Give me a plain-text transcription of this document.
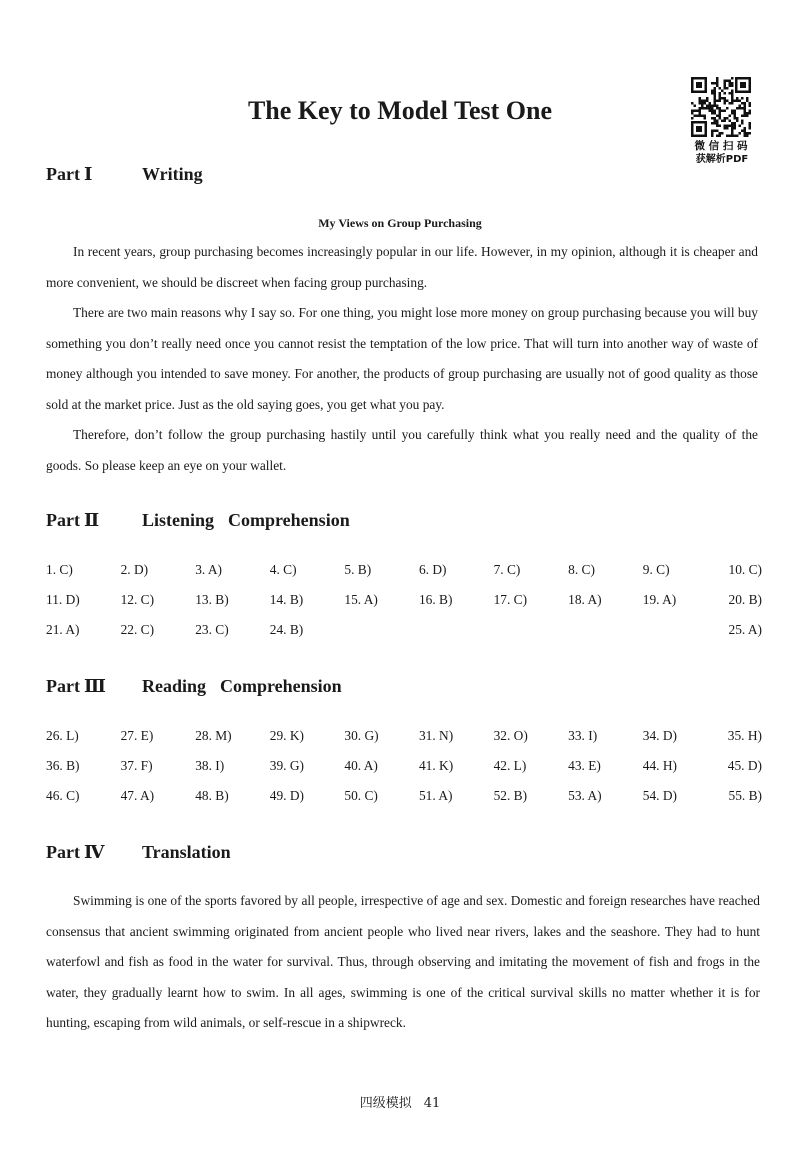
The Key to Model Test One
微 信 扫 码
获解析PDF
Part Ⅰ	Writing
My Views on Group Purchasing

In recent years, group purchasing becomes increasingly popular in our life. However, in my opinion, although it is cheaper and more convenient, we should be discreet when facing group purchasing.

There are two main reasons why I say so. For one thing, you might lose more money on group purchasing because you will buy something you don’t really need once you cannot resist the temptation of the low price. That will turn into another way of waste of money although you intended to save money. For another, the products of group purchasing are usually not of good quality as those sold at the market price. Just as the old saying goes, you get what you pay.

Therefore, don’t follow the group purchasing hastily until you carefully think what you really need and the quality of the goods. So please keep an eye on your wallet.

Part Ⅱ Listening Comprehension
1. C)	2. D)	3. A)	4. C)	5. B)	6. D)	7. C)	8. C)	9. C)	10. C)
11. D)	12. C)	13. B)	14. B)	15. A)	16. B)	17. C)	18. A)	19. A)	20. B)
21. A)	22. C)	23. C)	24. B)	25. A)
Part Ⅲ Reading Comprehension
26. L)	27. E)	28. M)	29. K)	30. G)	31. N)	32. O)	33. I)	34. D)	35. H)
36. B)	37. F)	38. I)	39. G)	40. A)	41. K)	42. L)	43. E)	44. H)	45. D)
46. C)	47. A)	48. B)	49. D)	50. C)	51. A)	52. B)	53. A)	54. D)	55. B)
Part Ⅳ Translation

Swimming is one of the sports favored by all people, irrespective of age and sex. Domestic and foreign researches have reached consensus that ancient swimming originated from ancient people who lived near rivers, lakes and the seashore. They had to hunt waterfowl and fish as food in the water for survival. Thus, through observing and imitating the movement of fish and frogs in the water, they gradually learnt how to swim. In all ages, swimming is one of the critical survival skills no matter whether it is for hunting, escaping from wild animals, or self-rescue in a shipwreck.

四级模拟 41
